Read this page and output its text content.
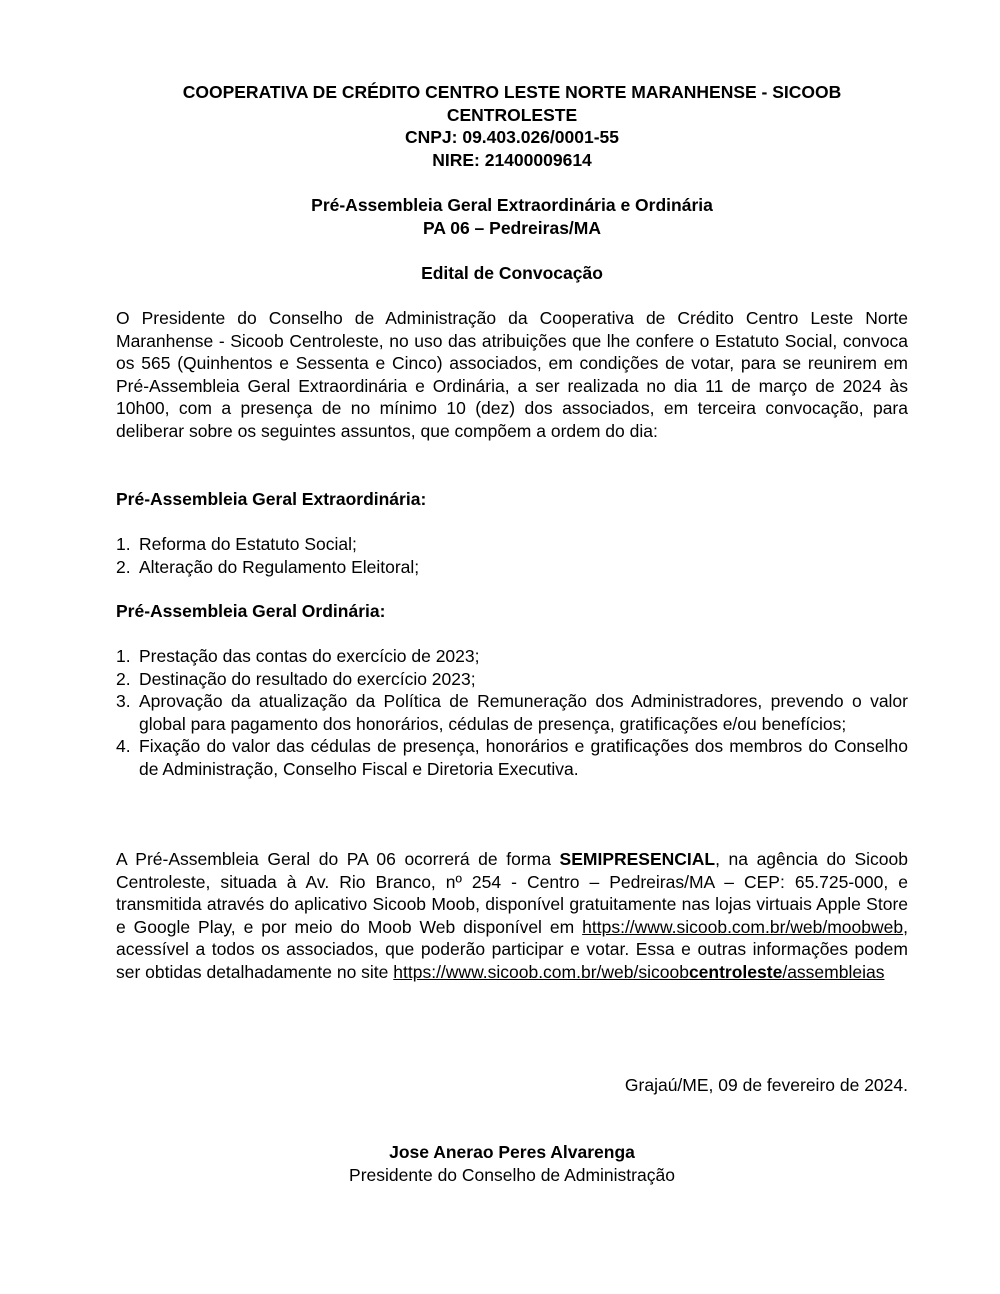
COOPERATIVA DE CRÉDITO CENTRO LESTE NORTE MARANHENSE - SICOOB
CENTROLESTE
CNPJ: 09.403.026/0001-55
NIRE: 21400009614
Pré-Assembleia Geral Extraordinária e Ordinária
PA 06 – Pedreiras/MA
Edital de Convocação

O Presidente do Conselho de Administração da Cooperativa de Crédito Centro Leste Norte Maranhense - Sicoob Centroleste, no uso das atribuições que lhe confere o Estatuto Social, convoca os 565 (Quinhentos e Sessenta e Cinco) associados, em condições de votar, para se reunirem em Pré-Assembleia Geral Extraordinária e Ordinária, a ser realizada no dia 11 de março de 2024 às 10h00, com a presença de no mínimo 10 (dez) dos associados, em terceira convocação, para deliberar sobre os seguintes assuntos, que compõem a ordem do dia:

Pré-Assembleia Geral Extraordinária:
1. Reforma do Estatuto Social;
2. Alteração do Regulamento Eleitoral;
Pré-Assembleia Geral Ordinária:
1. Prestação das contas do exercício de 2023;
2. Destinação do resultado do exercício 2023;
3. Aprovação da atualização da Política de Remuneração dos Administradores, prevendo o valor global para pagamento dos honorários, cédulas de presença, gratificações e/ou benefícios;
4. Fixação do valor das cédulas de presença, honorários e gratificações dos membros do Conselho de Administração, Conselho Fiscal e Diretoria Executiva.

A Pré-Assembleia Geral do PA 06 ocorrerá de forma SEMIPRESENCIAL, na agência do Sicoob Centroleste, situada à Av. Rio Branco, nº 254 - Centro – Pedreiras/MA – CEP: 65.725-000, e transmitida através do aplicativo Sicoob Moob, disponível gratuitamente nas lojas virtuais Apple Store e Google Play, e por meio do Moob Web disponível em https://www.sicoob.com.br/web/moobweb, acessível a todos os associados, que poderão participar e votar. Essa e outras informações podem ser obtidas detalhadamente no site https://www.sicoob.com.br/web/sicoobcentroleste/assembleias

Grajaú/ME, 09 de fevereiro de 2024.
Jose Anerao Peres Alvarenga
Presidente do Conselho de Administração
